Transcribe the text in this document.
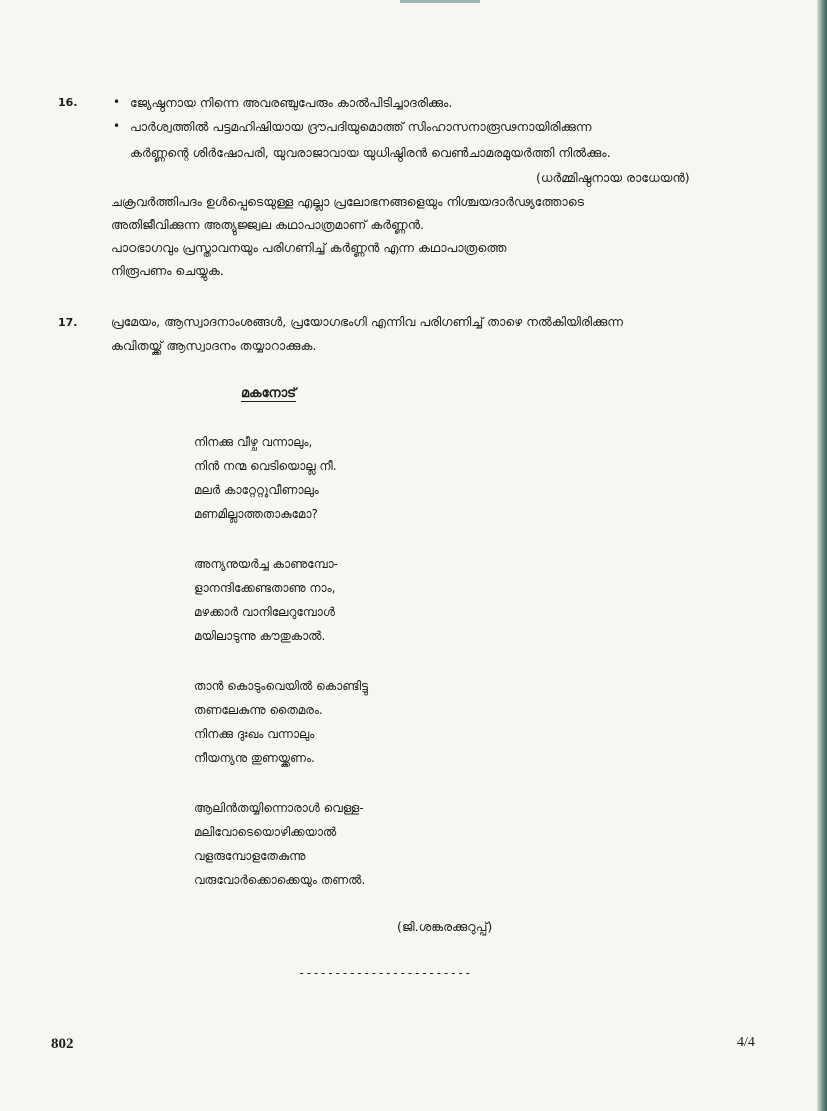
16.	• ജ്യേഷ്ഠനായ നിന്നെ അവരഞ്ചുപേരും കാൽപിടിച്ചാദരിക്കും.
• പാർശ്വത്തിൽ പട്ടമഹിഷിയായ ദ്രൗപദിയുമൊത്ത് സിംഹാസനാരൂഢനായിരിക്കുന്ന
കർണ്ണന്റെ ശിർഷോപരി, യുവരാജാവായ യുധിഷ്ഠിരൻ വെൺചാമരമുയർത്തി നിൽക്കും.
(ധർമ്മിഷ്ഠനായ രാധേയൻ)
ചക്രവർത്തിപദം ഉൾപ്പെടെയുള്ള എല്ലാ പ്രലോഭനങ്ങളെയും നിശ്ചയദാർഢ്യത്തോടെ
അതിജീവിക്കുന്ന അത്യുജ്ജ്വല കഥാപാത്രമാണ് കർണ്ണൻ.
പാഠഭാഗവും പ്രസ്താവനയും പരിഗണിച്ച് കർണ്ണൻ എന്ന കഥാപാത്രത്തെ
നിരൂപണം ചെയ്യുക.
17.	പ്രമേയം, ആസ്വാദനാംശങ്ങൾ, പ്രയോഗഭംഗി എന്നിവ പരിഗണിച്ച് താഴെ നൽകിയിരിക്കുന്ന
കവിതയ്ക്ക് ആസ്വാദനം തയ്യാറാക്കുക.
മകനോട്
നിനക്കു വീഴ്ച വന്നാലും,
നിൻ നന്മ വെടിയൊല്ല നീ.
മലർ കാറ്റേറ്റുവീണാലും
മണമില്ലാത്തതാകുമോ?
അന്യനുയർച്ച കാണുമ്പോ-
ളാനന്ദിക്കേണ്ടതാണു നാം,
മഴക്കാർ വാനിലേറുമ്പോൾ
മയിലാടുന്നു കൗതുകാൽ.
താൻ കൊടുംവെയിൽ കൊണ്ടിട്ടു
തണലേകുന്നു തൈമരം.
നിനക്കു ദുഃഖം വന്നാലും
നീയന്യനു തുണയ്ക്കണം.
ആലിൻതയ്യിന്നൊരാൾ വെള്ള-
മലിവോടെയൊഴിക്കയാൽ
വളരുമ്പോളതേകുന്നു
വരുവോർക്കൊക്കെയും തണൽ.
(ജി.ശങ്കരക്കുറുപ്പ്)
------------------------
802	4/4
